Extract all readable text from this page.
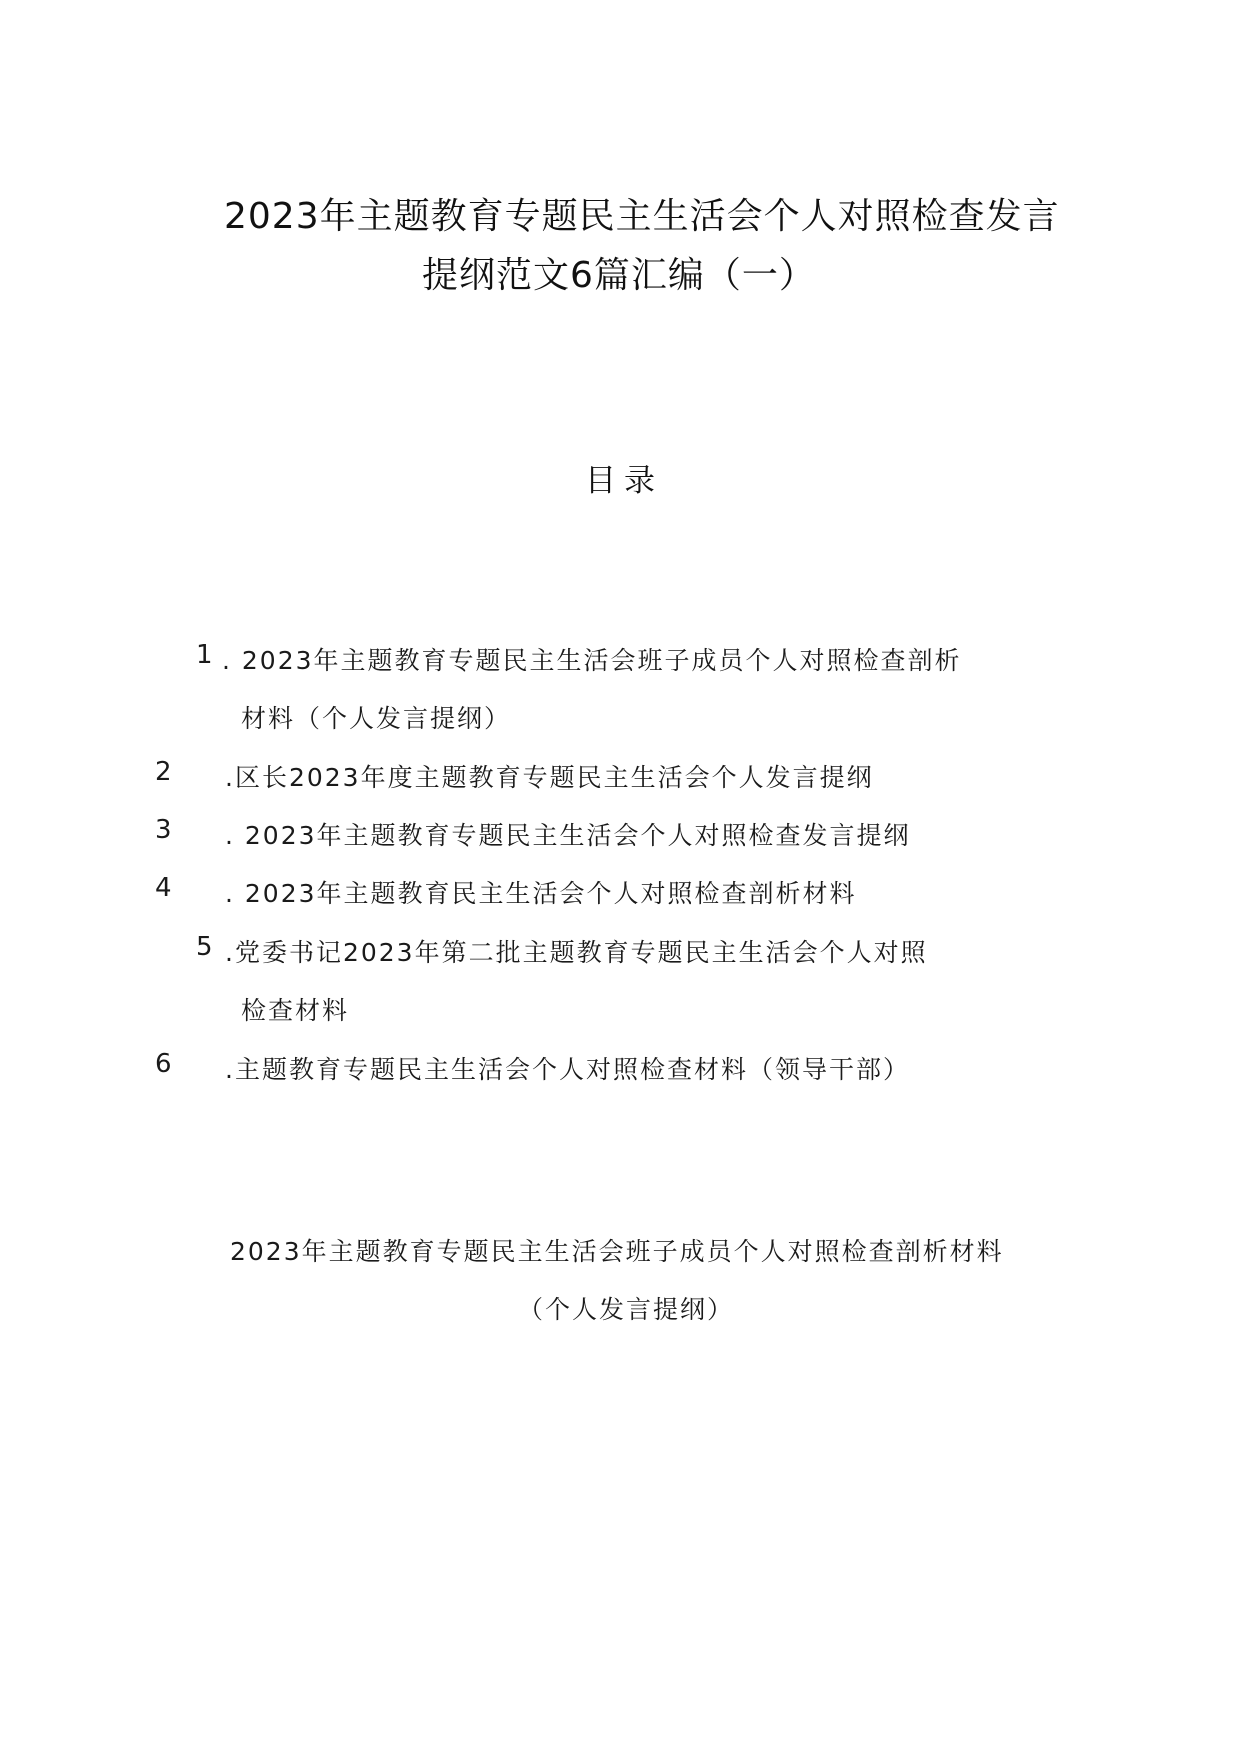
2023年主题教育专题民主生活会个人对照检查发言
提纲范文6篇汇编（一）
目录
1 . 2023年主题教育专题民主生活会班子成员个人对照检查剖析
材料（个人发言提纲）
2 .区长2023年度主题教育专题民主生活会个人发言提纲
3 . 2023年主题教育专题民主生活会个人对照检查发言提纲
4 . 2023年主题教育民主生活会个人对照检查剖析材料
5 .党委书记2023年第二批主题教育专题民主生活会个人对照
检查材料
6 .主题教育专题民主生活会个人对照检查材料（领导干部）
2023年主题教育专题民主生活会班子成员个人对照检查剖析材料
（个人发言提纲）
